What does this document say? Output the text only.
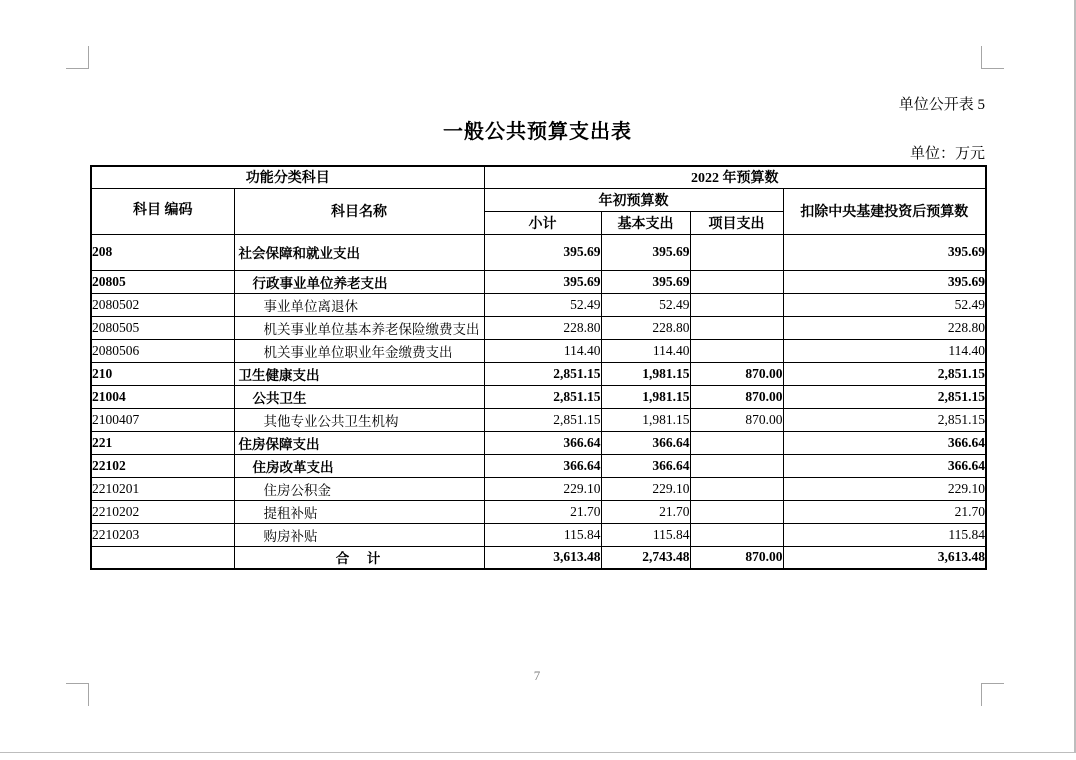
单位公开表 5
一般公共预算支出表
单位：万元
功能分类科目		2022 年预算数			
科目 编码	科目名称	年初预算数			扣除中央基建投资后预算数
		小计	基本支出	项目支出	
208	社会保障和就业支出	395.69	395.69		395.69
20805	行政事业单位养老支出	395.69	395.69		395.69
2080502	事业单位离退休	52.49	52.49		52.49
2080505	机关事业单位基本养老保险缴费支出	228.80	228.80		228.80
2080506	机关事业单位职业年金缴费支出	114.40	114.40		114.40
210	卫生健康支出	2,851.15	1,981.15	870.00	2,851.15
21004	公共卫生	2,851.15	1,981.15	870.00	2,851.15
2100407	其他专业公共卫生机构	2,851.15	1,981.15	870.00	2,851.15
221	住房保障支出	366.64	366.64		366.64
22102	住房改革支出	366.64	366.64		366.64
2210201	住房公积金	229.10	229.10		229.10
2210202	提租补贴	21.70	21.70		21.70
2210203	购房补贴	115.84	115.84		115.84
	合　计	3,613.48	2,743.48	870.00	3,613.48
7
